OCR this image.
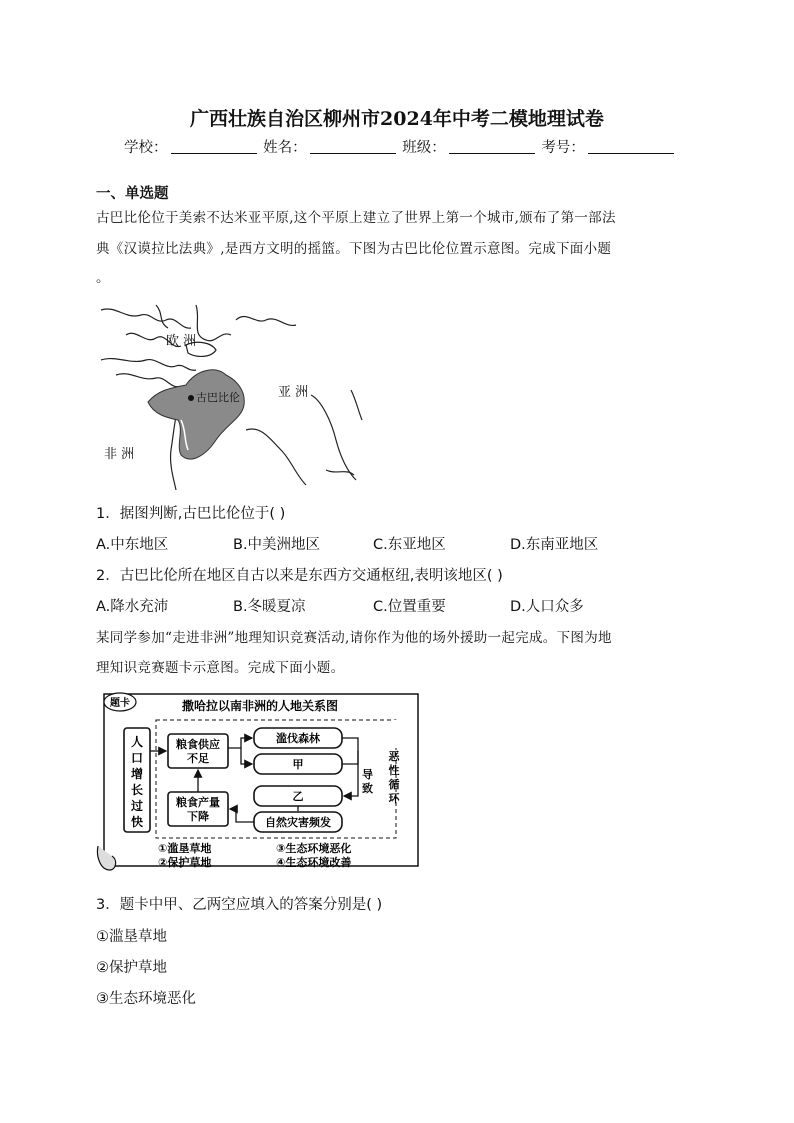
广西壮族自治区柳州市2024年中考二模地理试卷
学校：	姓名：	班级：	考号：
一、单选题
古巴比伦位于美索不达米亚平原,这个平原上建立了世界上第一个城市,颁布了第一部法
典《汉谟拉比法典》,是西方文明的摇篮。下图为古巴比伦位置示意图。完成下面小题
。
古巴比伦
欧 洲
亚 洲
非 洲
1．据图判断,古巴比伦位于( )
A.中东地区	B.中美洲地区	C.东亚地区	D.东南亚地区
2．古巴比伦所在地区自古以来是东西方交通枢纽,表明该地区( )
A.降水充沛	B.冬暖夏凉	C.位置重要	D.人口众多
某同学参加“走进非洲”地理知识竞赛活动,请你作为他的场外援助一起完成。下图为地
理知识竞赛题卡示意图。完成下面小题。
题卡	撒哈拉以南非洲的人地关系图
人
口
增
长
过
快
粮食供应
不足
粮食产量
下降
滥伐森林
甲
乙
自然灾害频发
导
致
恶
性
循
环
①滥垦草地
②保护草地
③生态环境恶化
④生态环境改善
3．题卡中甲、乙两空应填入的答案分别是( )
①滥垦草地
②保护草地
③生态环境恶化
